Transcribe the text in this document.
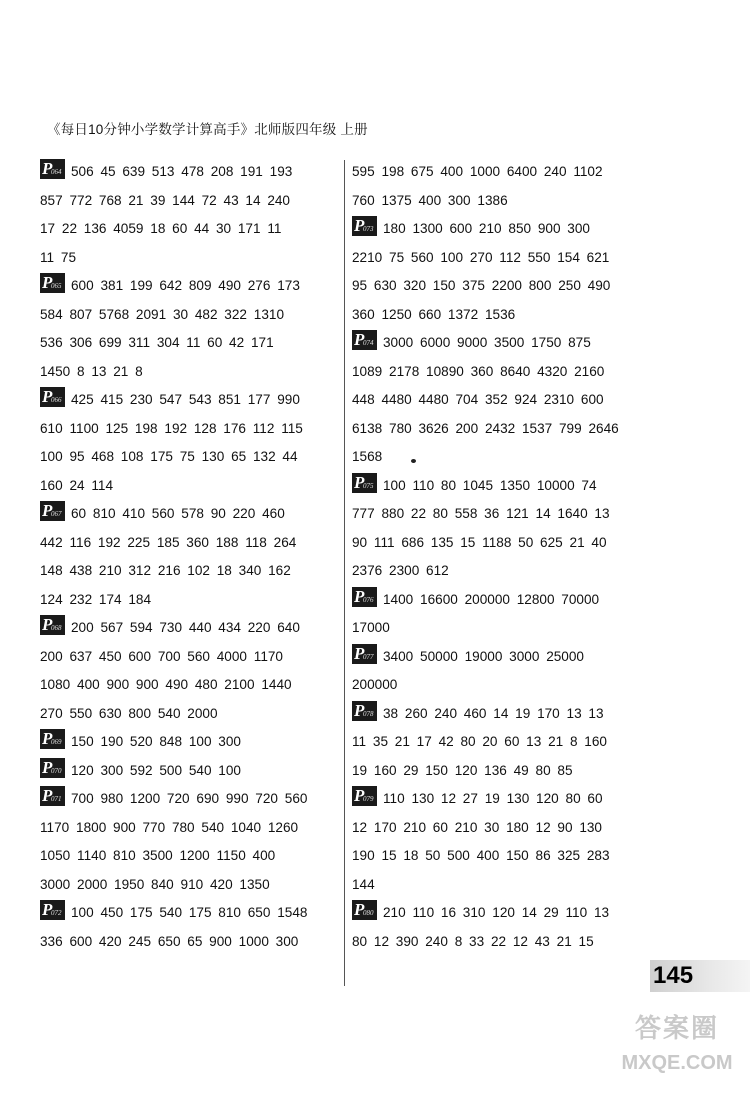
《每日10分钟小学数学计算高手》北师版四年级 上册
P
064 506 45 639 513 478 208 191 193
857 772 768 21 39 144 72 43 14 240
17 22 136 4059 18 60 44 30 171 11
11 75
P
065 600 381 199 642 809 490 276 173
584 807 5768 2091 30 482 322 1310
536 306 699 311 304 11 60 42 171
1450 8 13 21 8
P
066 425 415 230 547 543 851 177 990
610 1100 125 198 192 128 176 112 115
100 95 468 108 175 75 130 65 132 44
160 24 114
P
067 60 810 410 560 578 90 220 460
442 116 192 225 185 360 188 118 264
148 438 210 312 216 102 18 340 162
124 232 174 184
P
068 200 567 594 730 440 434 220 640
200 637 450 600 700 560 4000 1170
1080 400 900 900 490 480 2100 1440
270 550 630 800 540 2000
P
069 150 190 520 848 100 300
P
070 120 300 592 500 540 100
P
071 700 980 1200 720 690 990 720 560
1170 1800 900 770 780 540 1040 1260
1050 1140 810 3500 1200 1150 400
3000 2000 1950 840 910 420 1350
P
072 100 450 175 540 175 810 650 1548
336 600 420 245 650 65 900 1000 300
595 198 675 400 1000 6400 240 1102
760 1375 400 300 1386
P
073 180 1300 600 210 850 900 300
2210 75 560 100 270 112 550 154 621
95 630 320 150 375 2200 800 250 490
360 1250 660 1372 1536
P
074 3000 6000 9000 3500 1750 875
1089 2178 10890 360 8640 4320 2160
448 4480 4480 704 352 924 2310 600
6138 780 3626 200 2432 1537 799 2646
1568
P
075 100 110 80 1045 1350 10000 74
777 880 22 80 558 36 121 14 1640 13
90 111 686 135 15 1188 50 625 21 40
2376 2300 612
P
076 1400 16600 200000 12800 70000
17000
P
077 3400 50000 19000 3000 25000
200000
P
078 38 260 240 460 14 19 170 13 13
11 35 21 17 42 80 20 60 13 21 8 160
19 160 29 150 120 136 49 80 85
P
079 110 130 12 27 19 130 120 80 60
12 170 210 60 210 30 180 12 90 130
190 15 18 50 500 400 150 86 325 283
144
P
080 210 110 16 310 120 14 29 110 13
80 12 390 240 8 33 22 12 43 21 15
145
答案圈
MXQE.COM
